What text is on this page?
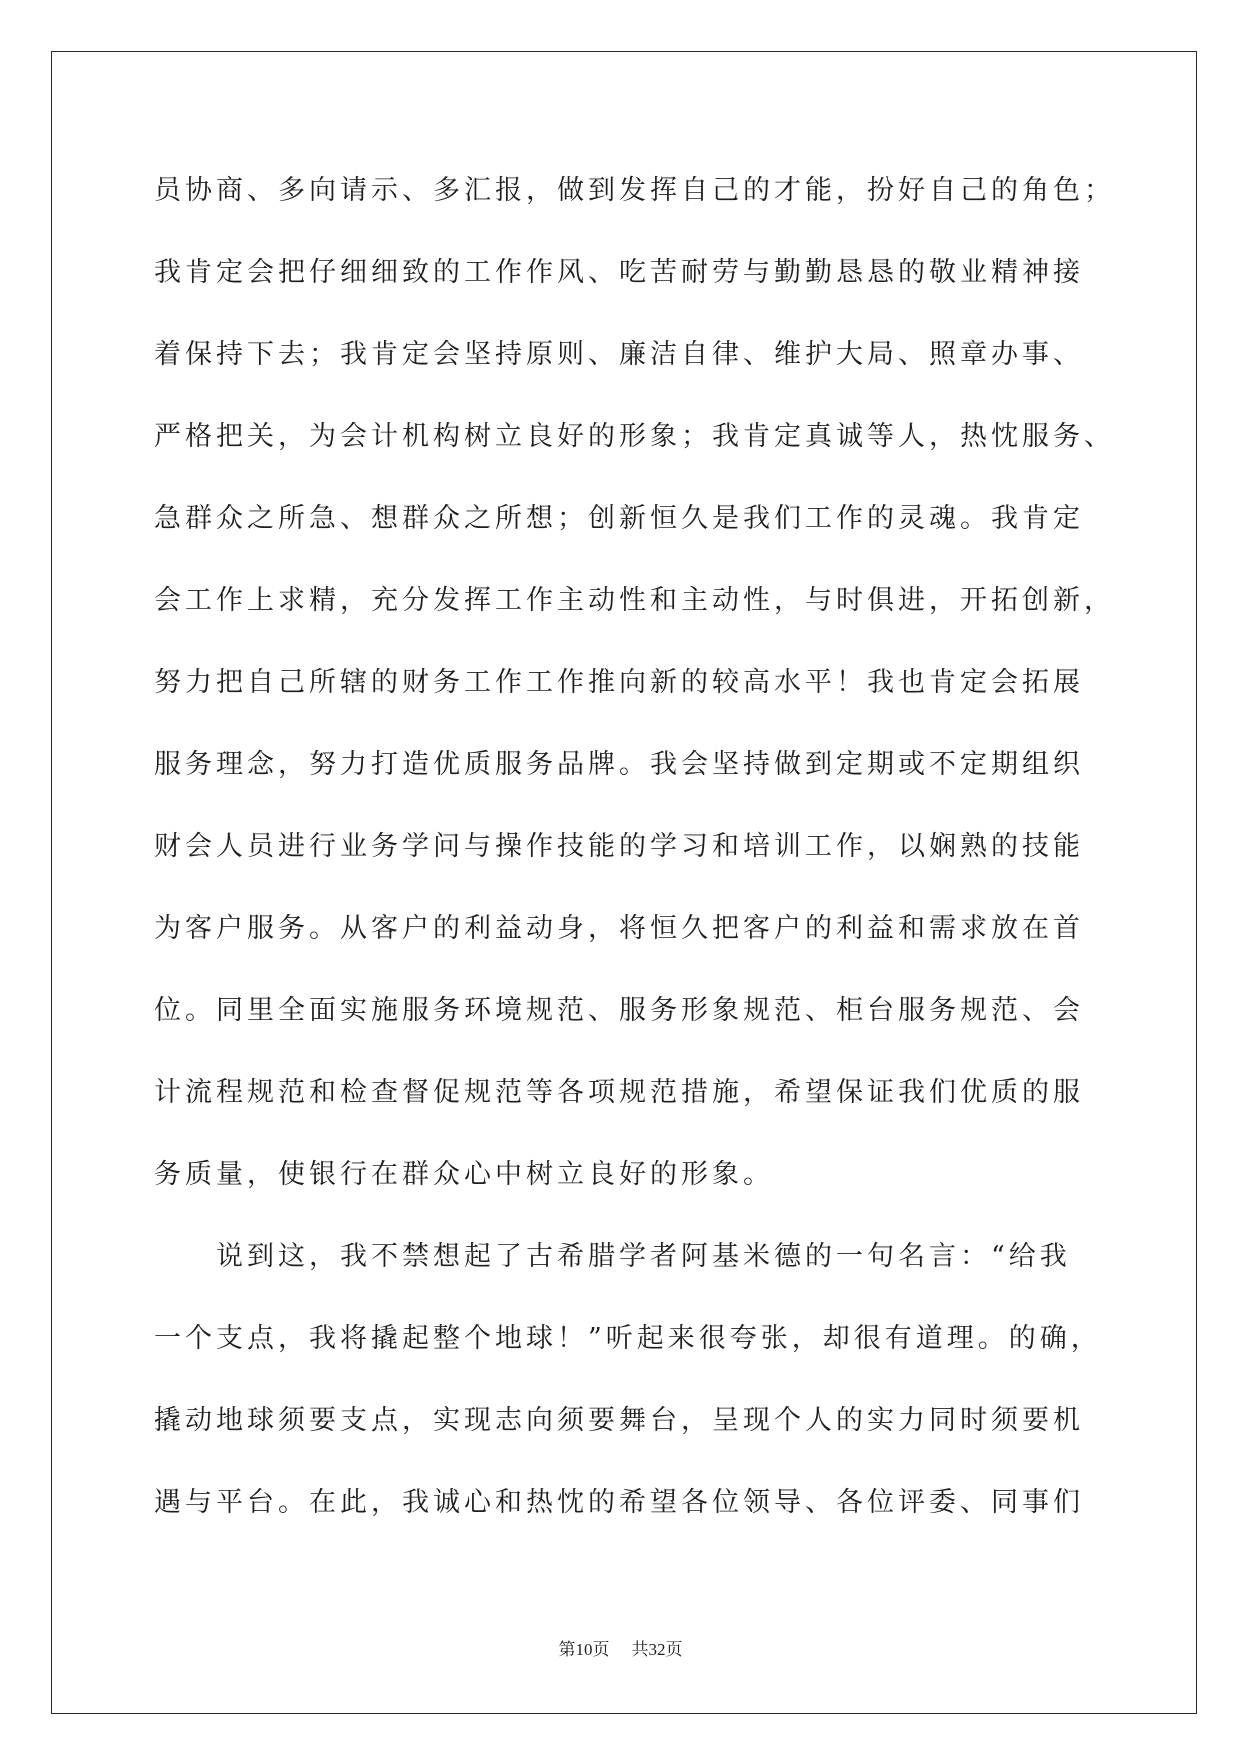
员协商、多向请示、多汇报，做到发挥自己的才能，扮好自己的角色；
我肯定会把仔细细致的工作作风、吃苦耐劳与勤勤恳恳的敬业精神接
着保持下去；我肯定会坚持原则、廉洁自律、维护大局、照章办事、
严格把关，为会计机构树立良好的形象；我肯定真诚等人，热忱服务、
急群众之所急、想群众之所想；创新恒久是我们工作的灵魂。我肯定
会工作上求精，充分发挥工作主动性和主动性，与时俱进，开拓创新，
努力把自己所辖的财务工作工作推向新的较高水平！我也肯定会拓展
服务理念，努力打造优质服务品牌。我会坚持做到定期或不定期组织
财会人员进行业务学问与操作技能的学习和培训工作，以娴熟的技能
为客户服务。从客户的利益动身，将恒久把客户的利益和需求放在首
位。同里全面实施服务环境规范、服务形象规范、柜台服务规范、会
计流程规范和检查督促规范等各项规范措施，希望保证我们优质的服
务质量，使银行在群众心中树立良好的形象。
说到这，我不禁想起了古希腊学者阿基米德的一句名言：“给我
一个支点，我将撬起整个地球！”听起来很夸张，却很有道理。的确，
撬动地球须要支点，实现志向须要舞台，呈现个人的实力同时须要机
遇与平台。在此，我诚心和热忱的希望各位领导、各位评委、同事们
第10页 共32页
